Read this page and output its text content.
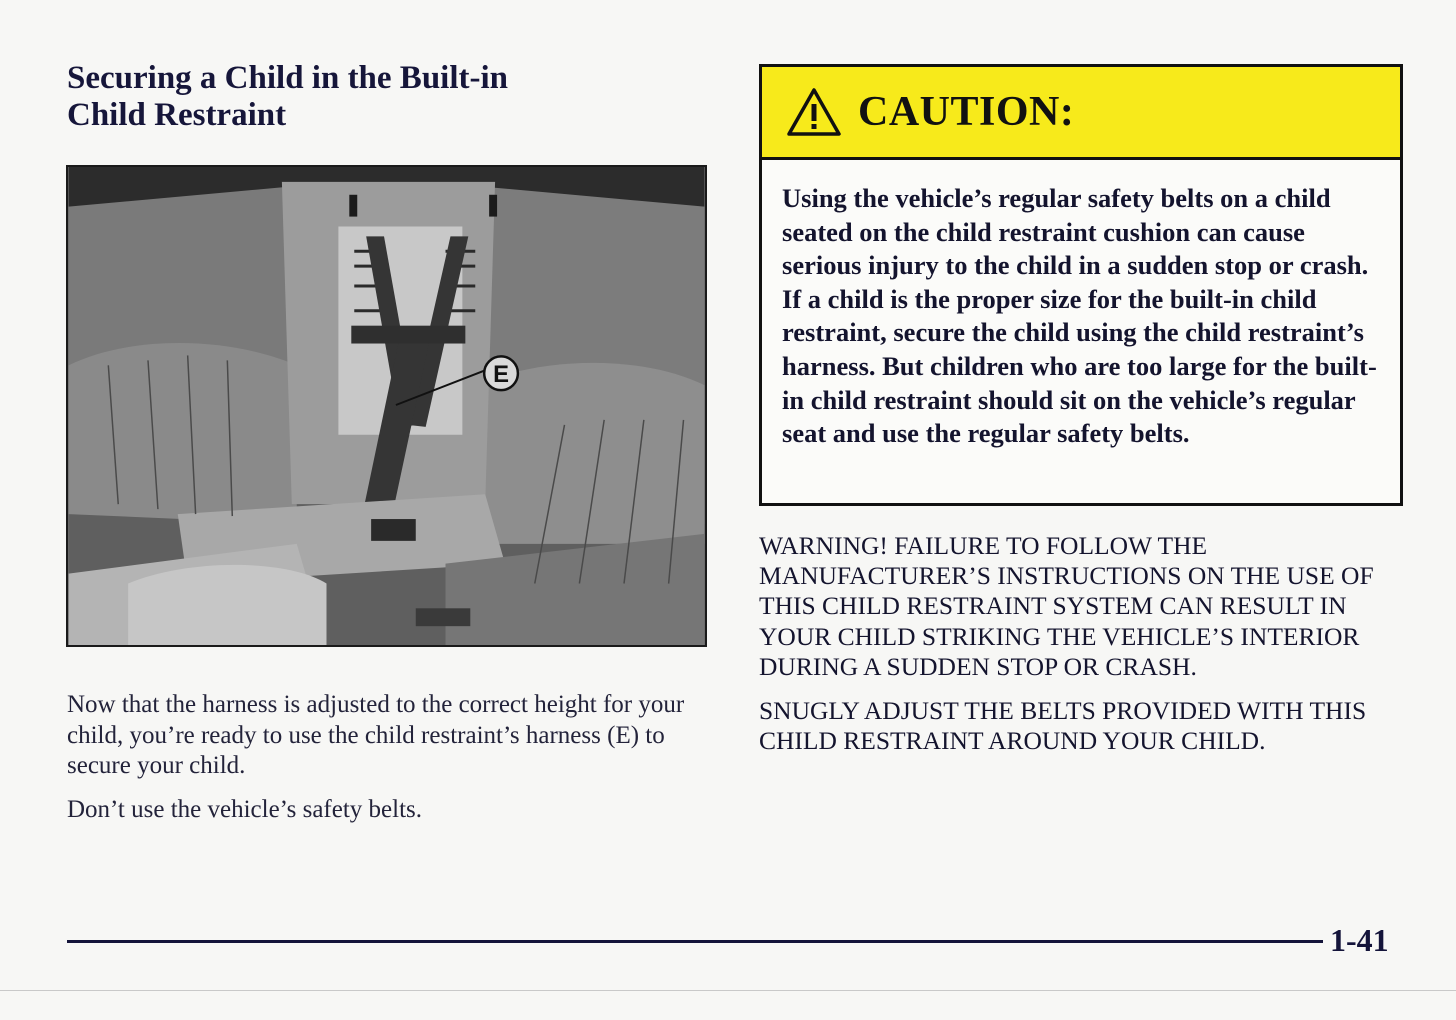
Securing a Child in the Built-in
Child Restraint
E

Now that the harness is adjusted to the correct height for your child, you’re ready to use the child restraint’s harness (E) to secure your child.

Don’t use the vehicle’s safety belts.

CAUTION:
Using the vehicle’s regular safety belts on a child seated on the child restraint cushion can cause serious injury to the child in a sudden stop or crash. If a child is the proper size for the built-in child restraint, secure the child using the child restraint’s harness. But children who are too large for the built-in child restraint should sit on the vehicle’s regular seat and use the regular safety belts.

WARNING! FAILURE TO FOLLOW THE MANUFACTURER’S INSTRUCTIONS ON THE USE OF THIS CHILD RESTRAINT SYSTEM CAN RESULT IN YOUR CHILD STRIKING THE VEHICLE’S INTERIOR DURING A SUDDEN STOP OR CRASH.

SNUGLY ADJUST THE BELTS PROVIDED WITH THIS CHILD RESTRAINT AROUND YOUR CHILD.

1-41
